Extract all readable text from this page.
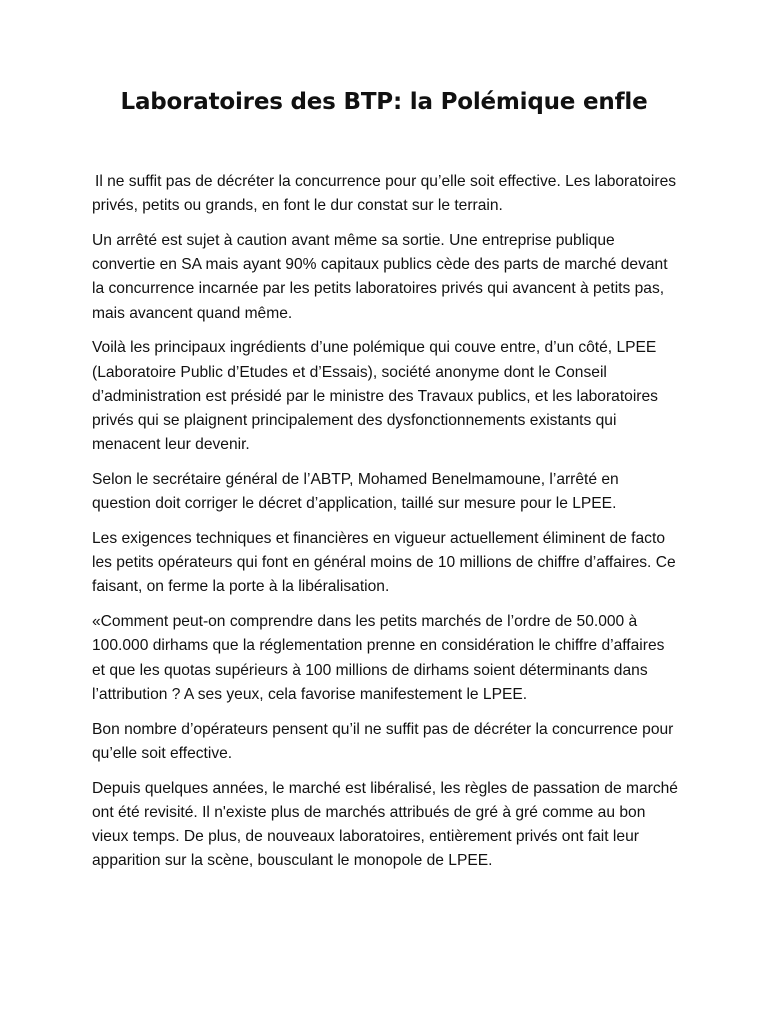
Laboratoires des BTP: la Polémique enfle

Il ne suffit pas de décréter la concurrence pour qu’elle soit effective. Les laboratoires privés, petits ou grands, en font le dur constat sur le terrain.

Un arrêté est sujet à caution avant même sa sortie. Une entreprise publique convertie en SA mais ayant 90% capitaux publics cède des parts de marché devant la concurrence incarnée par les petits laboratoires privés qui avancent à petits pas, mais avancent quand même.

Voilà les principaux ingrédients d’une polémique qui couve entre, d’un côté, LPEE (Laboratoire Public d’Etudes et d’Essais), société anonyme dont le Conseil d’administration est présidé par le ministre des Travaux publics, et les laboratoires privés qui se plaignent principalement des dysfonctionnements existants qui menacent leur devenir.

Selon le secrétaire général de l’ABTP, Mohamed Benelmamoune, l’arrêté en question doit corriger le décret d’application, taillé sur mesure pour le LPEE.

Les exigences techniques et financières en vigueur actuellement éliminent de facto les petits opérateurs qui font en général moins de 10 millions de chiffre d’affaires. Ce faisant, on ferme la porte à la libéralisation.

«Comment peut-on comprendre dans les petits marchés de l’ordre de 50.000 à 100.000 dirhams que la réglementation prenne en considération le chiffre d’affaires et que les quotas supérieurs à 100 millions de dirhams soient déterminants dans l’attribution ? A ses yeux, cela favorise manifestement le LPEE.

Bon nombre d’opérateurs pensent qu’il ne suffit pas de décréter la concurrence pour qu’elle soit effective.

Depuis quelques années, le marché est libéralisé, les règles de passation de marché ont été revisité. Il n'existe plus de marchés attribués de gré à gré comme au bon vieux temps. De plus, de nouveaux laboratoires, entièrement privés ont fait leur apparition sur la scène, bousculant le monopole de LPEE.
